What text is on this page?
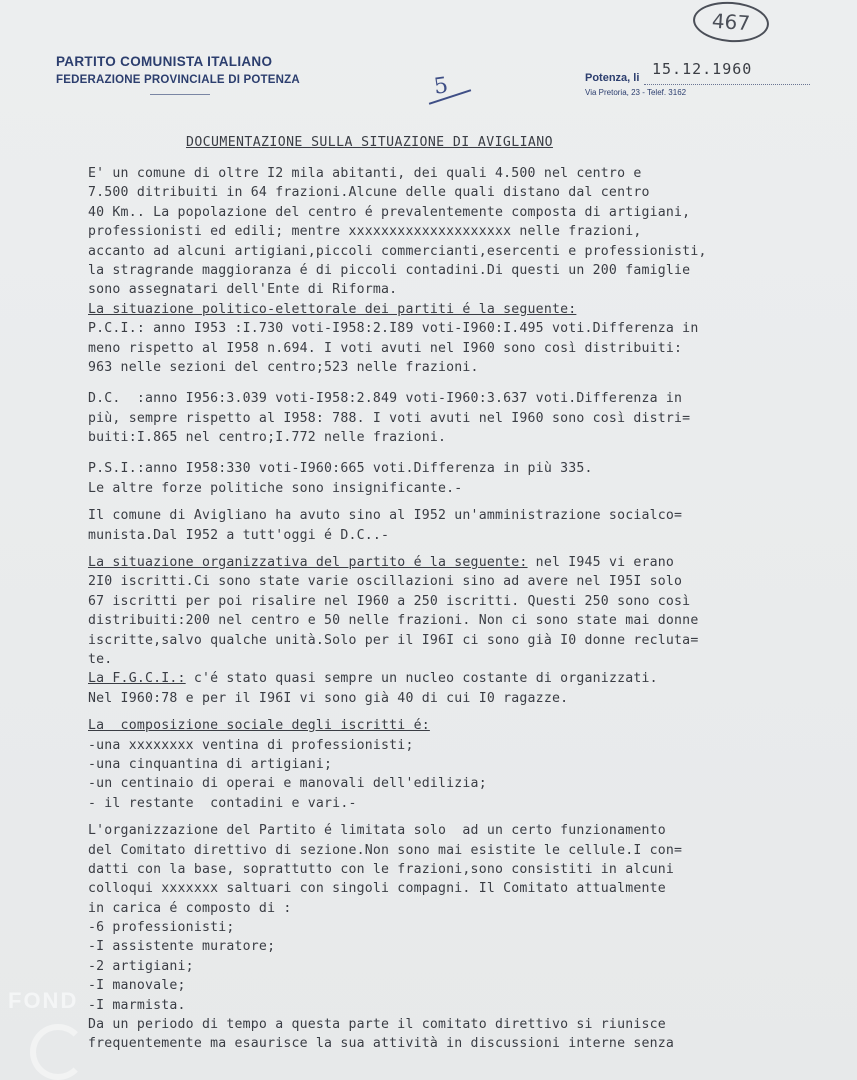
PARTITO COMUNISTA ITALIANO
FEDERAZIONE PROVINCIALE DI POTENZA	5
467
15.12.1960
Potenza, li
Via Pretoria, 23 - Telef. 3162
DOCUMENTAZIONE SULLA SITUAZIONE DI AVIGLIANO
E' un comune di oltre I2 mila abitanti, dei quali 4.500 nel centro e
7.500 ditribuiti in 64 frazioni.Alcune delle quali distano dal centro
40 Km.. La popolazione del centro é prevalentemente composta di artigiani,
professionisti ed edili; mentre xxxxxxxxxxxxxxxxxxxx nelle frazioni,
accanto ad alcuni artigiani,piccoli commercianti,esercenti e professionisti,
la stragrande maggioranza é di piccoli contadini.Di questi un 200 famiglie
sono assegnatari dell'Ente di Riforma.
La situazione politico-elettorale dei partiti é la seguente:
P.C.I.: anno I953 :I.730 voti-I958:2.I89 voti-I960:I.495 voti.Differenza in
meno rispetto al I958 n.694. I voti avuti nel I960 sono così distribuiti:
963 nelle sezioni del centro;523 nelle frazioni.
D.C.  :anno I956:3.039 voti-I958:2.849 voti-I960:3.637 voti.Differenza in
più, sempre rispetto al I958: 788. I voti avuti nel I960 sono così distri=
buiti:I.865 nel centro;I.772 nelle frazioni.
P.S.I.:anno I958:330 voti-I960:665 voti.Differenza in più 335.
Le altre forze politiche sono insignificante.-
Il comune di Avigliano ha avuto sino al I952 un'amministrazione socialco=
munista.Dal I952 a tutt'oggi é D.C..-
La situazione organizzativa del partito é la seguente: nel I945 vi erano
2I0 iscritti.Ci sono state varie oscillazioni sino ad avere nel I95I solo
67 iscritti per poi risalire nel I960 a 250 iscritti. Questi 250 sono così
distribuiti:200 nel centro e 50 nelle frazioni. Non ci sono state mai donne
iscritte,salvo qualche unità.Solo per il I96I ci sono già I0 donne recluta=
te.
La F.G.C.I.: c'é stato quasi sempre un nucleo costante di organizzati.
Nel I960:78 e per il I96I vi sono già 40 di cui I0 ragazze.
La  composizione sociale degli iscritti é:
-una xxxxxxxx ventina di professionisti;
-una cinquantina di artigiani;
-un centinaio di operai e manovali dell'edilizia;
- il restante  contadini e vari.-
L'organizzazione del Partito é limitata solo  ad un certo funzionamento
del Comitato direttivo di sezione.Non sono mai esistite le cellule.I con=
datti con la base, soprattutto con le frazioni,sono consistiti in alcuni
colloqui xxxxxxx saltuari con singoli compagni. Il Comitato attualmente
in carica é composto di :
-6 professionisti;
-I assistente muratore;
-2 artigiani;
-I manovale;
-I marmista.
Da un periodo di tempo a questa parte il comitato direttivo si riunisce
frequentemente ma esaurisce la sua attività in discussioni interne senza
FOND
